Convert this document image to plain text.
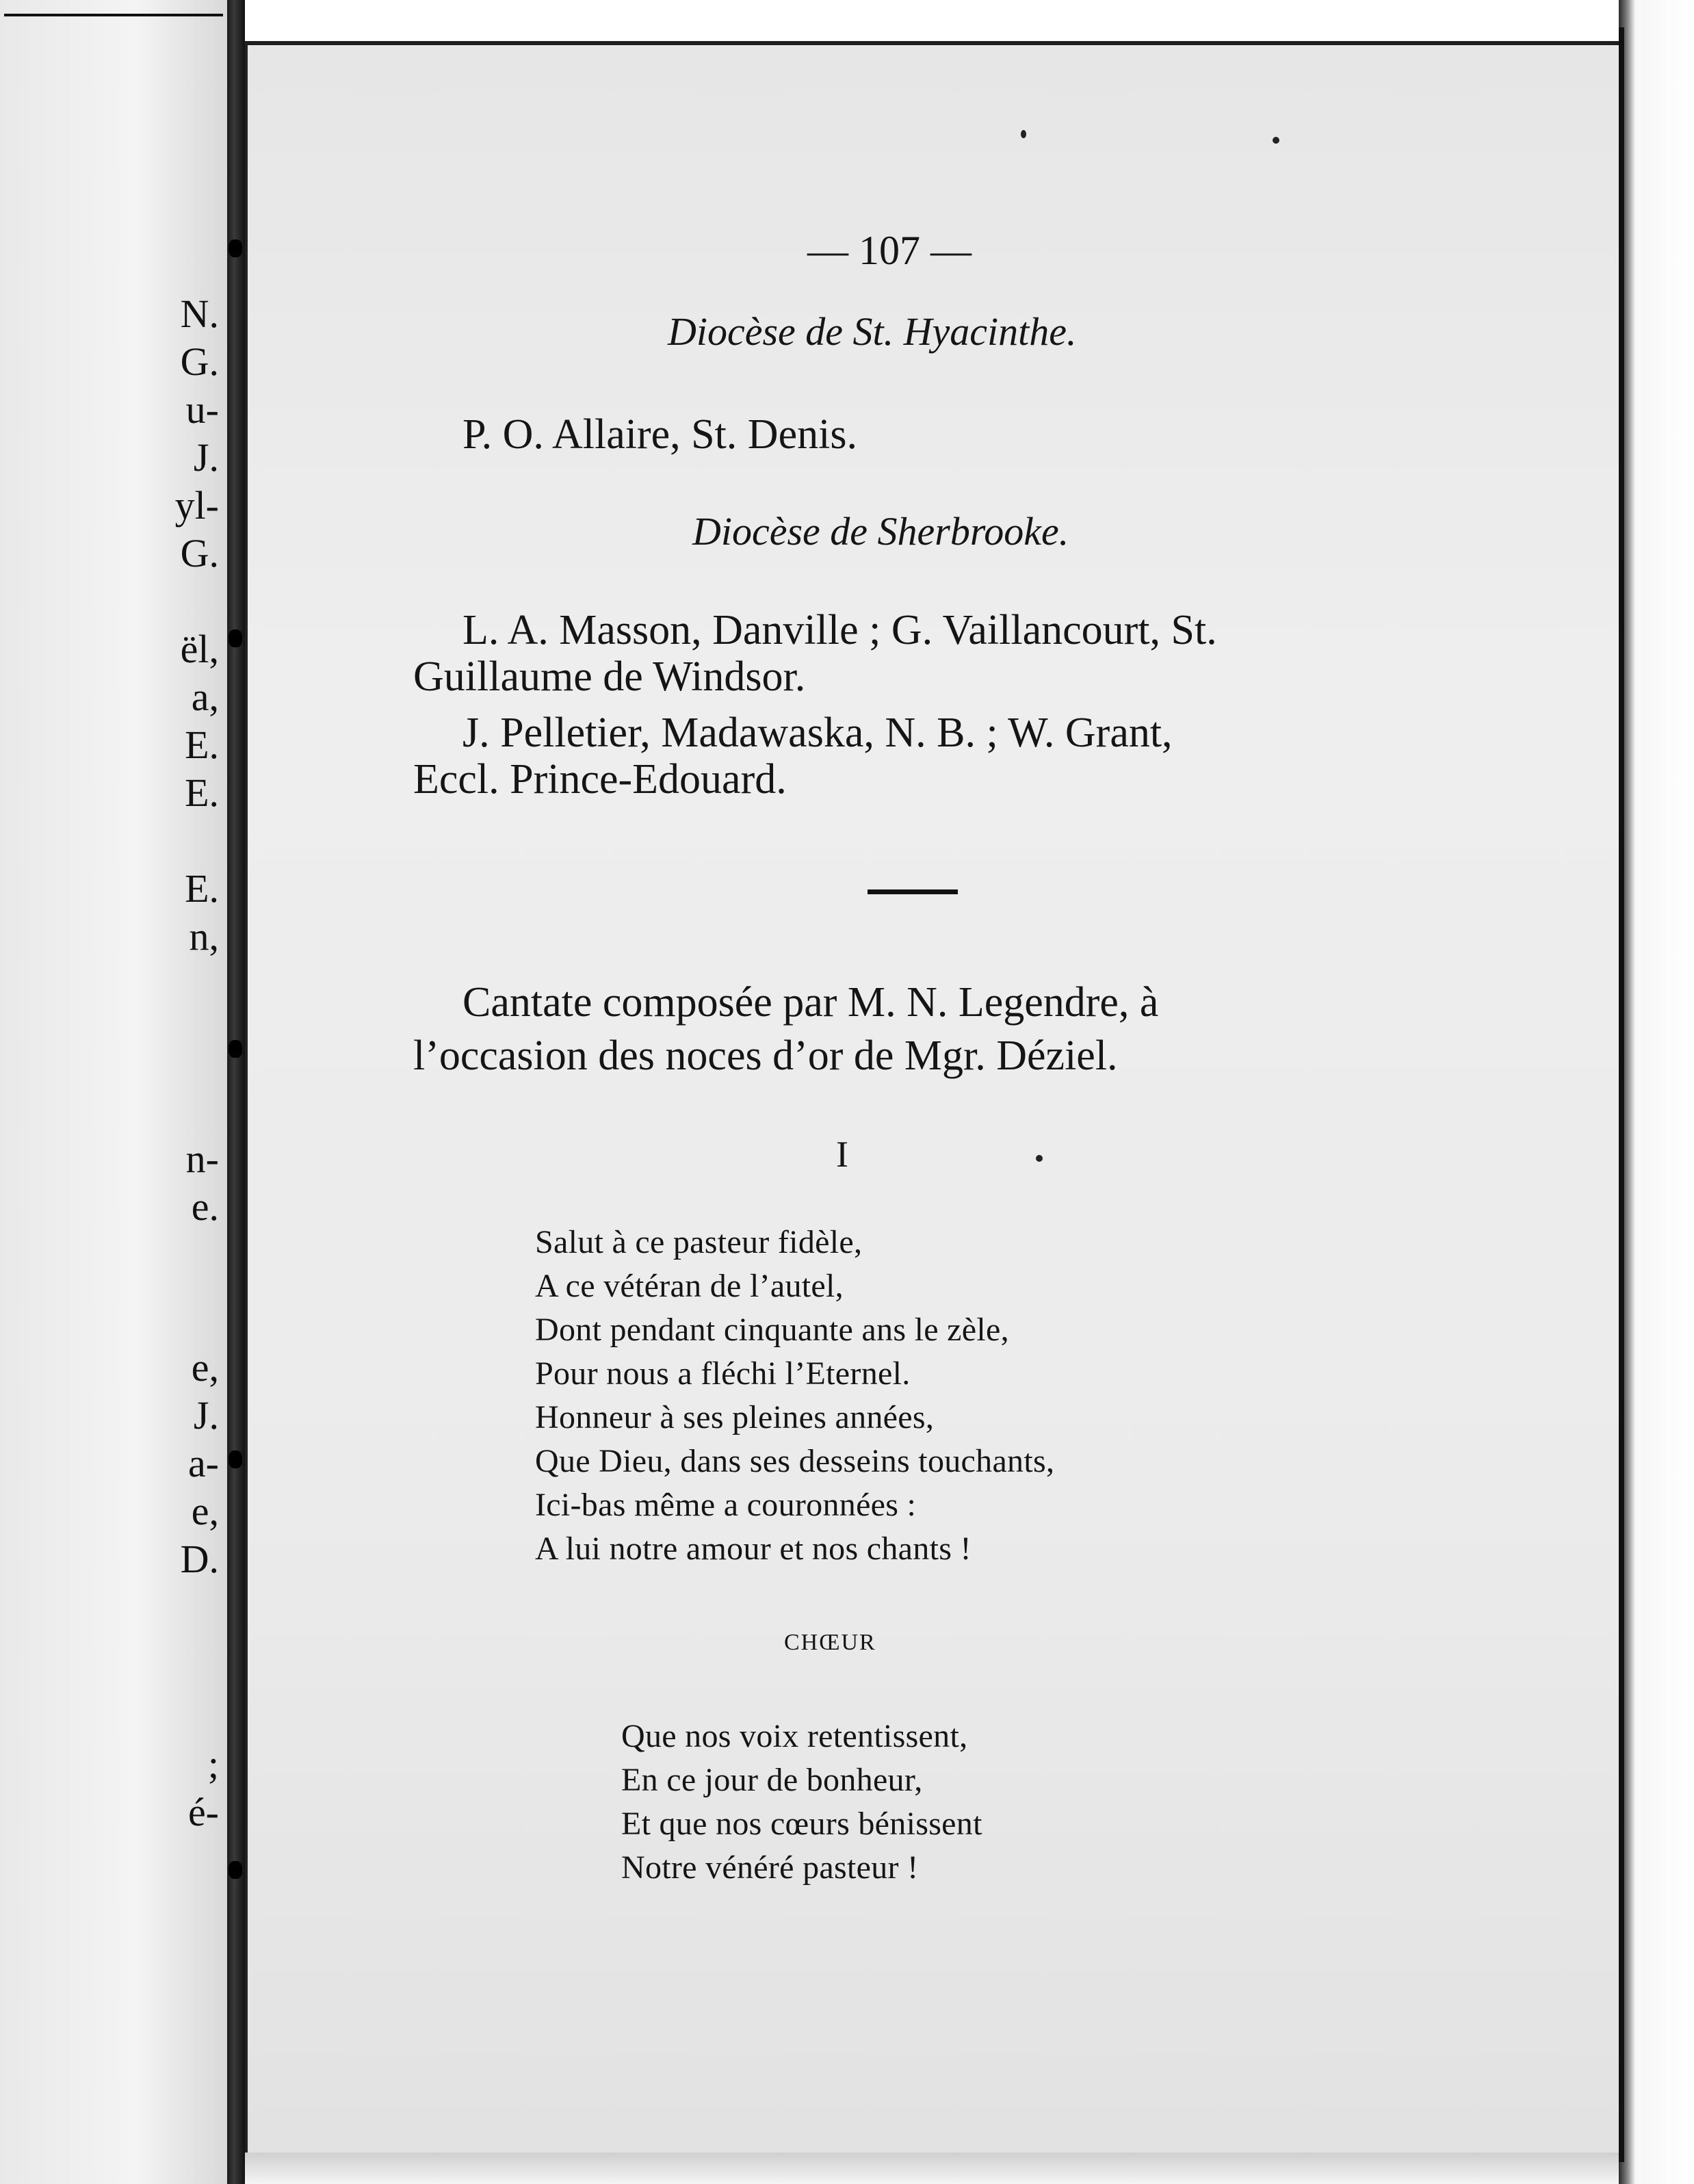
N.
G.
u-
J.
yl-
G.
ël,
a,
E.
E.
E.
n,
n-
e.
e,
J.
a-
e,
D.
;
é-
— 107 —
Diocèse de St. Hyacinthe.
P. O. Allaire, St. Denis.
Diocèse de Sherbrooke.
L. A. Masson, Danville ; G. Vaillancourt, St.
Guillaume de Windsor.
J. Pelletier, Madawaska, N. B. ; W. Grant,
Eccl. Prince-Edouard.
Cantate composée par M. N. Legendre, à
l’occasion des noces d’or de Mgr. Déziel.
I
Salut à ce pasteur fidèle,
A ce vétéran de l’autel,
Dont pendant cinquante ans le zèle,
Pour nous a fléchi l’Eternel.
Honneur à ses pleines années,
Que Dieu, dans ses desseins touchants,
Ici-bas même a couronnées :
A lui notre amour et nos chants !
CHŒUR
Que nos voix retentissent,
En ce jour de bonheur,
Et que nos cœurs bénissent
Notre vénéré pasteur !
